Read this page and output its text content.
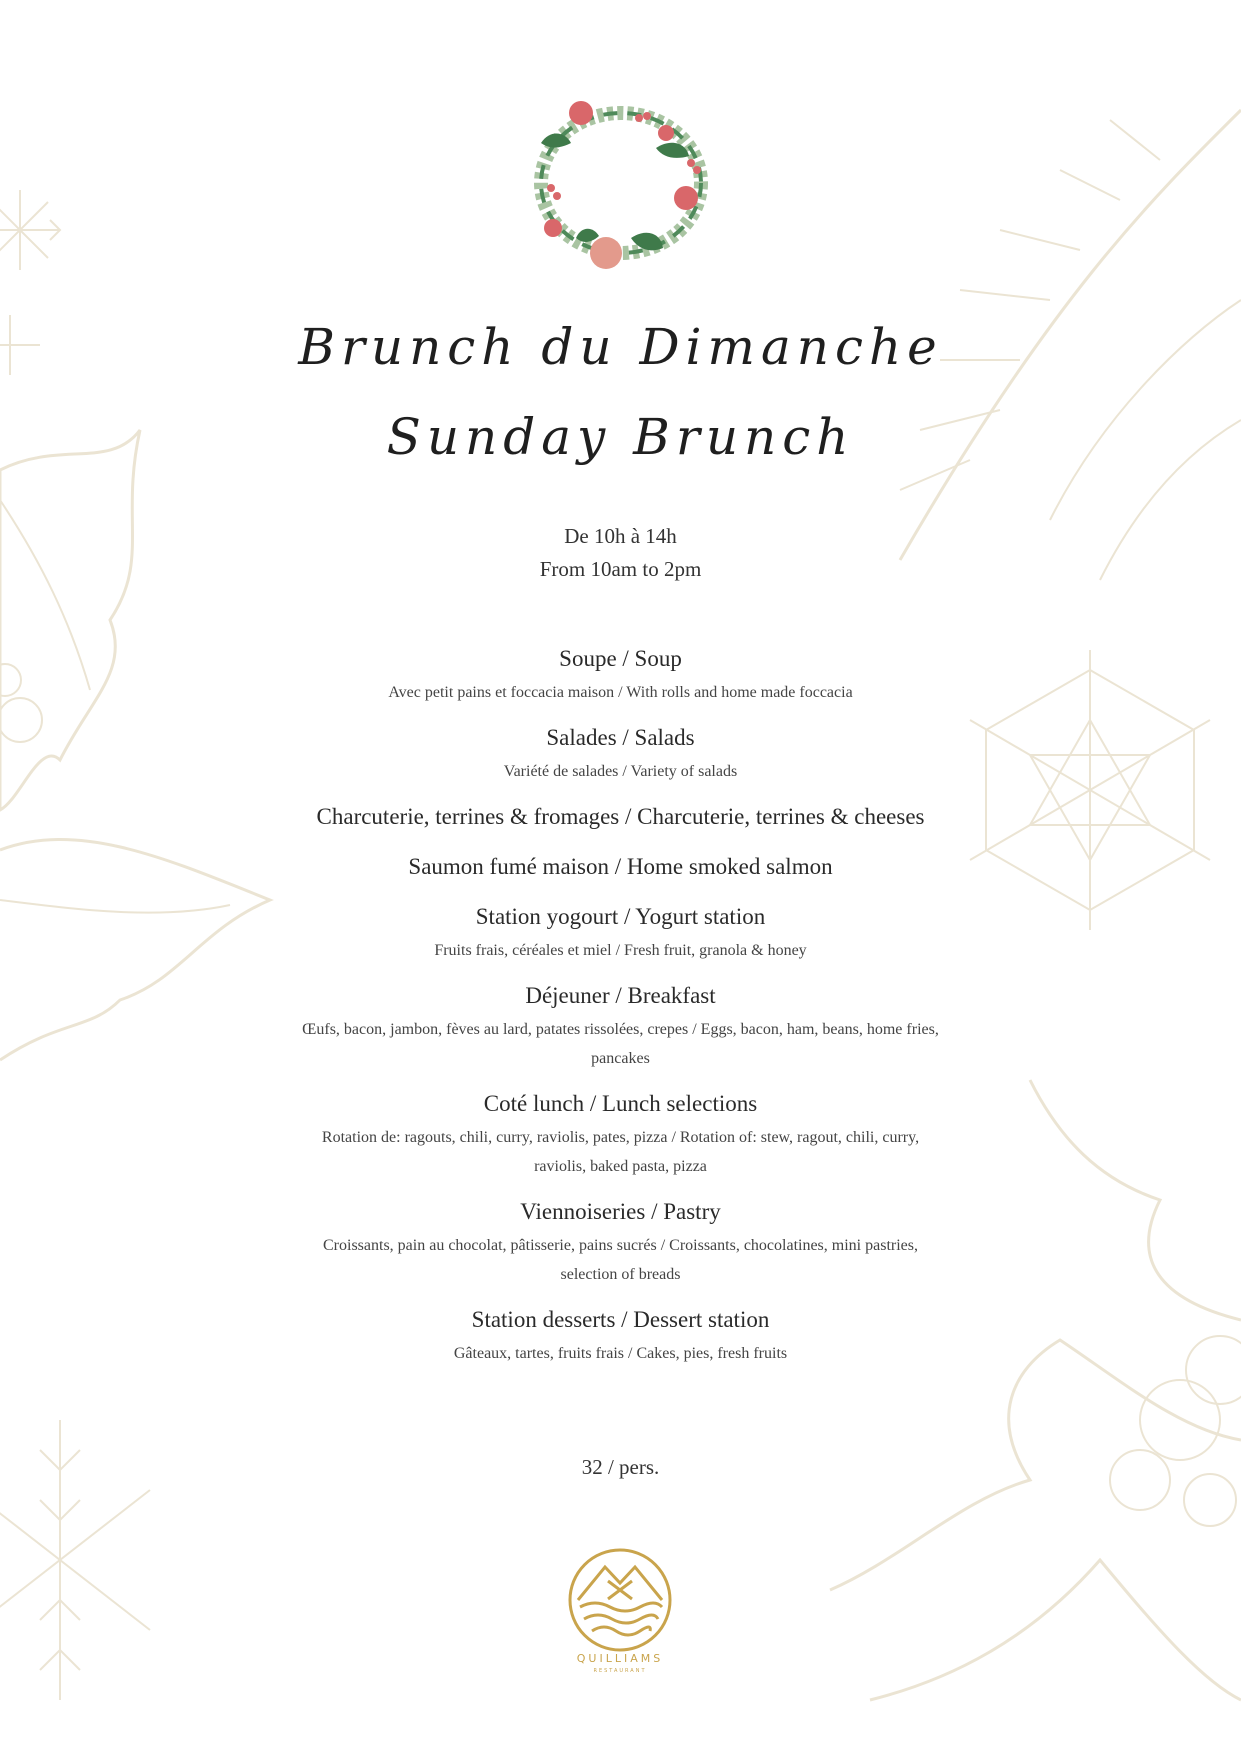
Brunch du Dimanche
Sunday Brunch
De 10h à 14h
From 10am to 2pm
Soupe / Soup
Avec petit pains et foccacia maison / With rolls and home made foccacia
Salades / Salads
Variété de salades / Variety of salads
Charcuterie, terrines & fromages / Charcuterie, terrines & cheeses
Saumon fumé maison / Home smoked salmon
Station yogourt / Yogurt station
Fruits frais, céréales et miel / Fresh fruit, granola & honey
Déjeuner / Breakfast
Œufs, bacon, jambon, fèves au lard, patates rissolées, crepes / Eggs, bacon, ham, beans, home fries, pancakes
Coté lunch / Lunch selections
Rotation de: ragouts, chili, curry, raviolis, pates, pizza / Rotation of: stew, ragout, chili, curry, raviolis, baked pasta, pizza
Viennoiseries / Pastry
Croissants, pain au chocolat, pâtisserie, pains sucrés / Croissants, chocolatines, mini pastries, selection of breads
Station desserts / Dessert station
Gâteaux, tartes, fruits frais / Cakes, pies, fresh fruits
32 / pers.
QUILLIAMS
RESTAURANT
